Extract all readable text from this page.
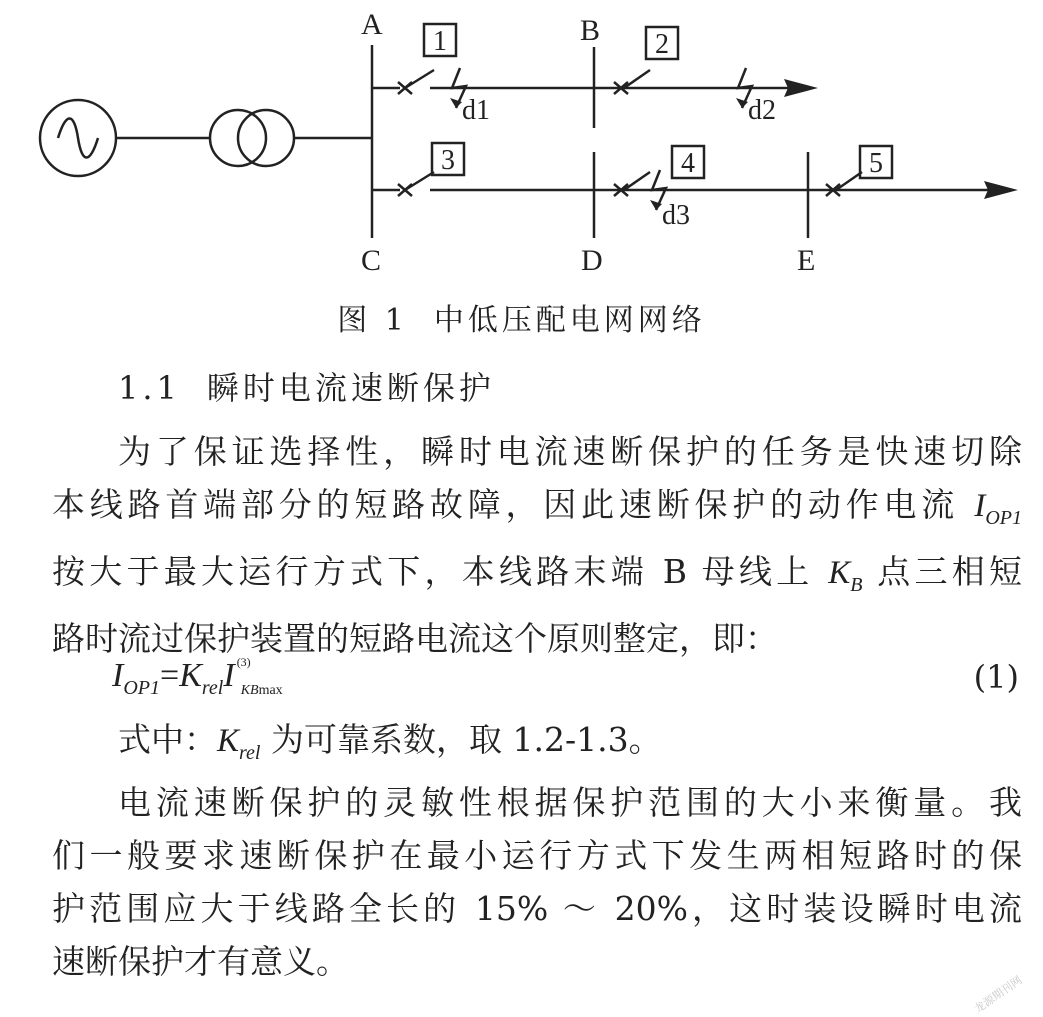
A	B
C	D	E
1	2
3	4	5
d1	d2
d3
图 1 中低压配电网网络
1.1 瞬时电流速断保护
为了保证选择性，瞬时电流速断保护的任务是快速切除
本线路首端部分的短路故障，因此速断保护的动作电流 $I_{OP1}$
按大于最大运行方式下，本线路末端 B 母线上 $K_B$ 点三相短
路时流过保护装置的短路电流这个原则整定，即：
$I_{OP1}=K_{rel}I$ $^{(3)}_{KBmax}$	(1)
式中：$K_{rel}$ 为可靠系数，取 1.2-1.3。
电流速断保护的灵敏性根据保护范围的大小来衡量。我
们一般要求速断保护在最小运行方式下发生两相短路时的保
护范围应大于线路全长的 15% ～ 20%，这时装设瞬时电流
速断保护才有意义。
龙源期刊网
